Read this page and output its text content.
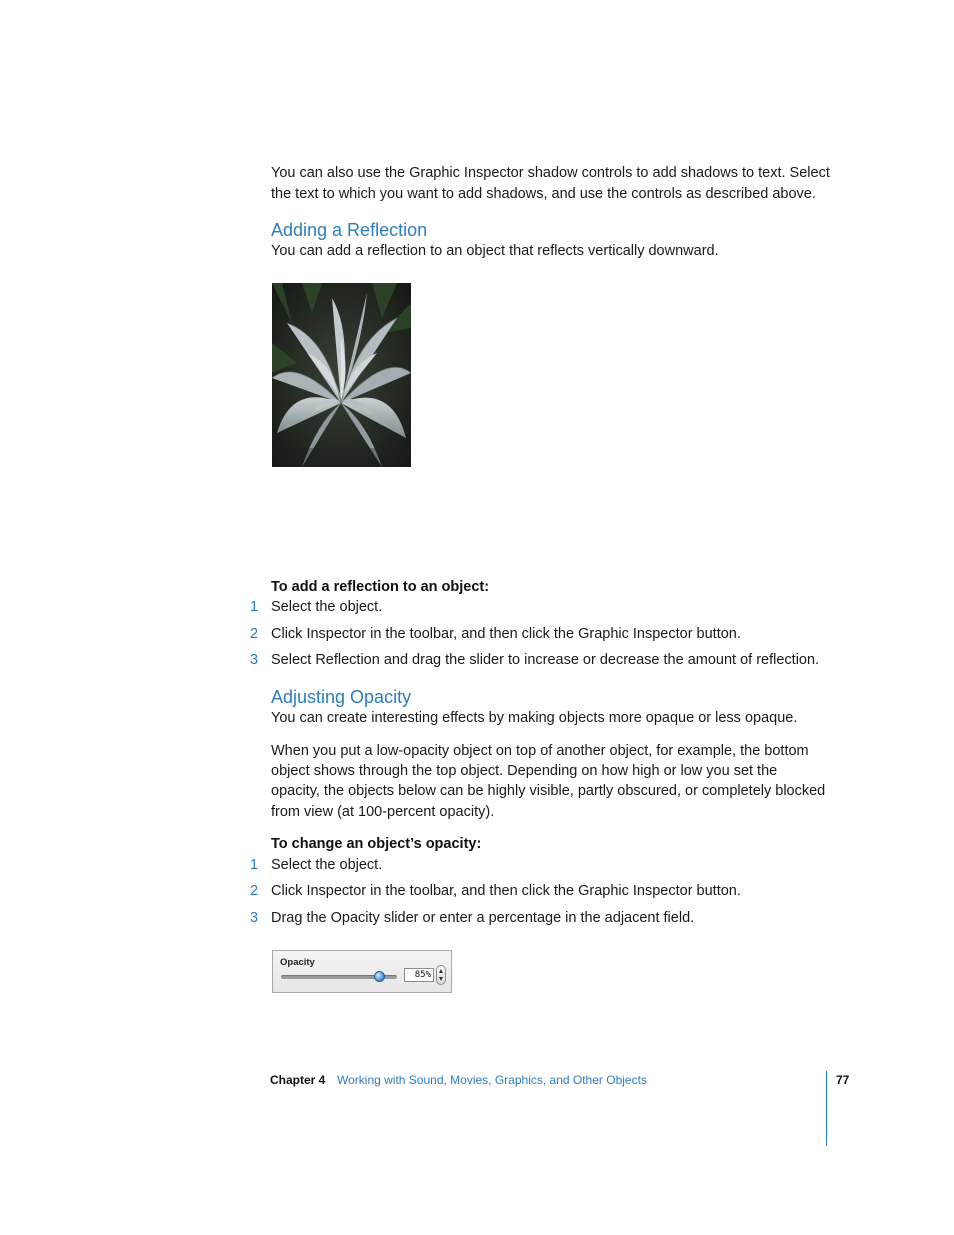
You can also use the Graphic Inspector shadow controls to add shadows to text. Select

the text to which you want to add shadows, and use the controls as described above.

Adding a Reflection

You can add a reflection to an object that reflects vertically downward.

To add a reflection to an object:

1 Select the object.
2 Click Inspector in the toolbar, and then click the Graphic Inspector button.
3 Select Reflection and drag the slider to increase or decrease the amount of reflection.
Adjusting Opacity

You can create interesting effects by making objects more opaque or less opaque.

When you put a low-opacity object on top of another object, for example, the bottom

object shows through the top object. Depending on how high or low you set the

opacity, the objects below can be highly visible, partly obscured, or completely blocked

from view (at 100-percent opacity).

To change an object’s opacity:

1 Select the object.
2 Click Inspector in the toolbar, and then click the Graphic Inspector button.
3 Drag the Opacity slider or enter a percentage in the adjacent field.
Opacity
85%
Chapter 4 Working with Sound, Movies, Graphics, and Other Objects	77
